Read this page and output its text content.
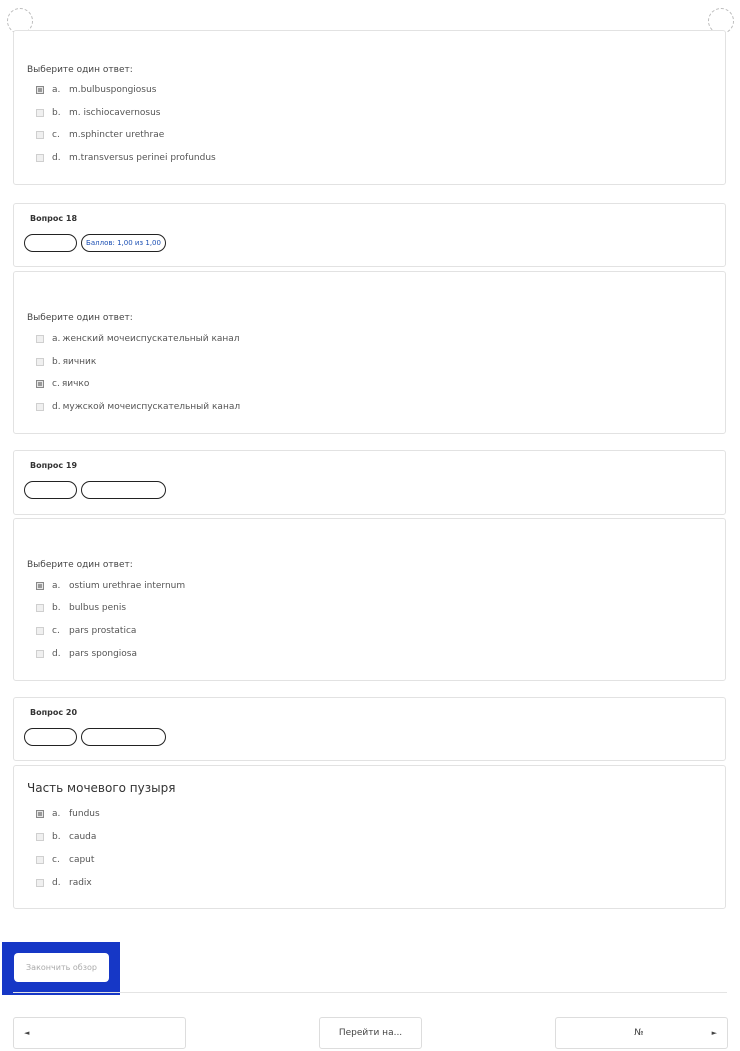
Выберите один ответ:
a. m.bulbuspongiosus
b. m. ischiocavernosus
c.	m.sphincter urethrae
d. m.transversus perinei profundus
Вопрос 18
Баллов: 1,00 из 1,00
Выберите один ответ:
a. женский мочеиспускательный канал
b. яичник
c. яичко
d. мужской мочеиспускательный канал
Вопрос 19
Выберите один ответ:
a. ostium urethrae internum
b. bulbus penis
c.	pars prostatica
d. pars spongiosa
Вопрос 20
Часть мочевого пузыря
a. fundus
b. cauda
c.	caput
d. radix
Закончить обзор
◄	Перейти на...	№	►
